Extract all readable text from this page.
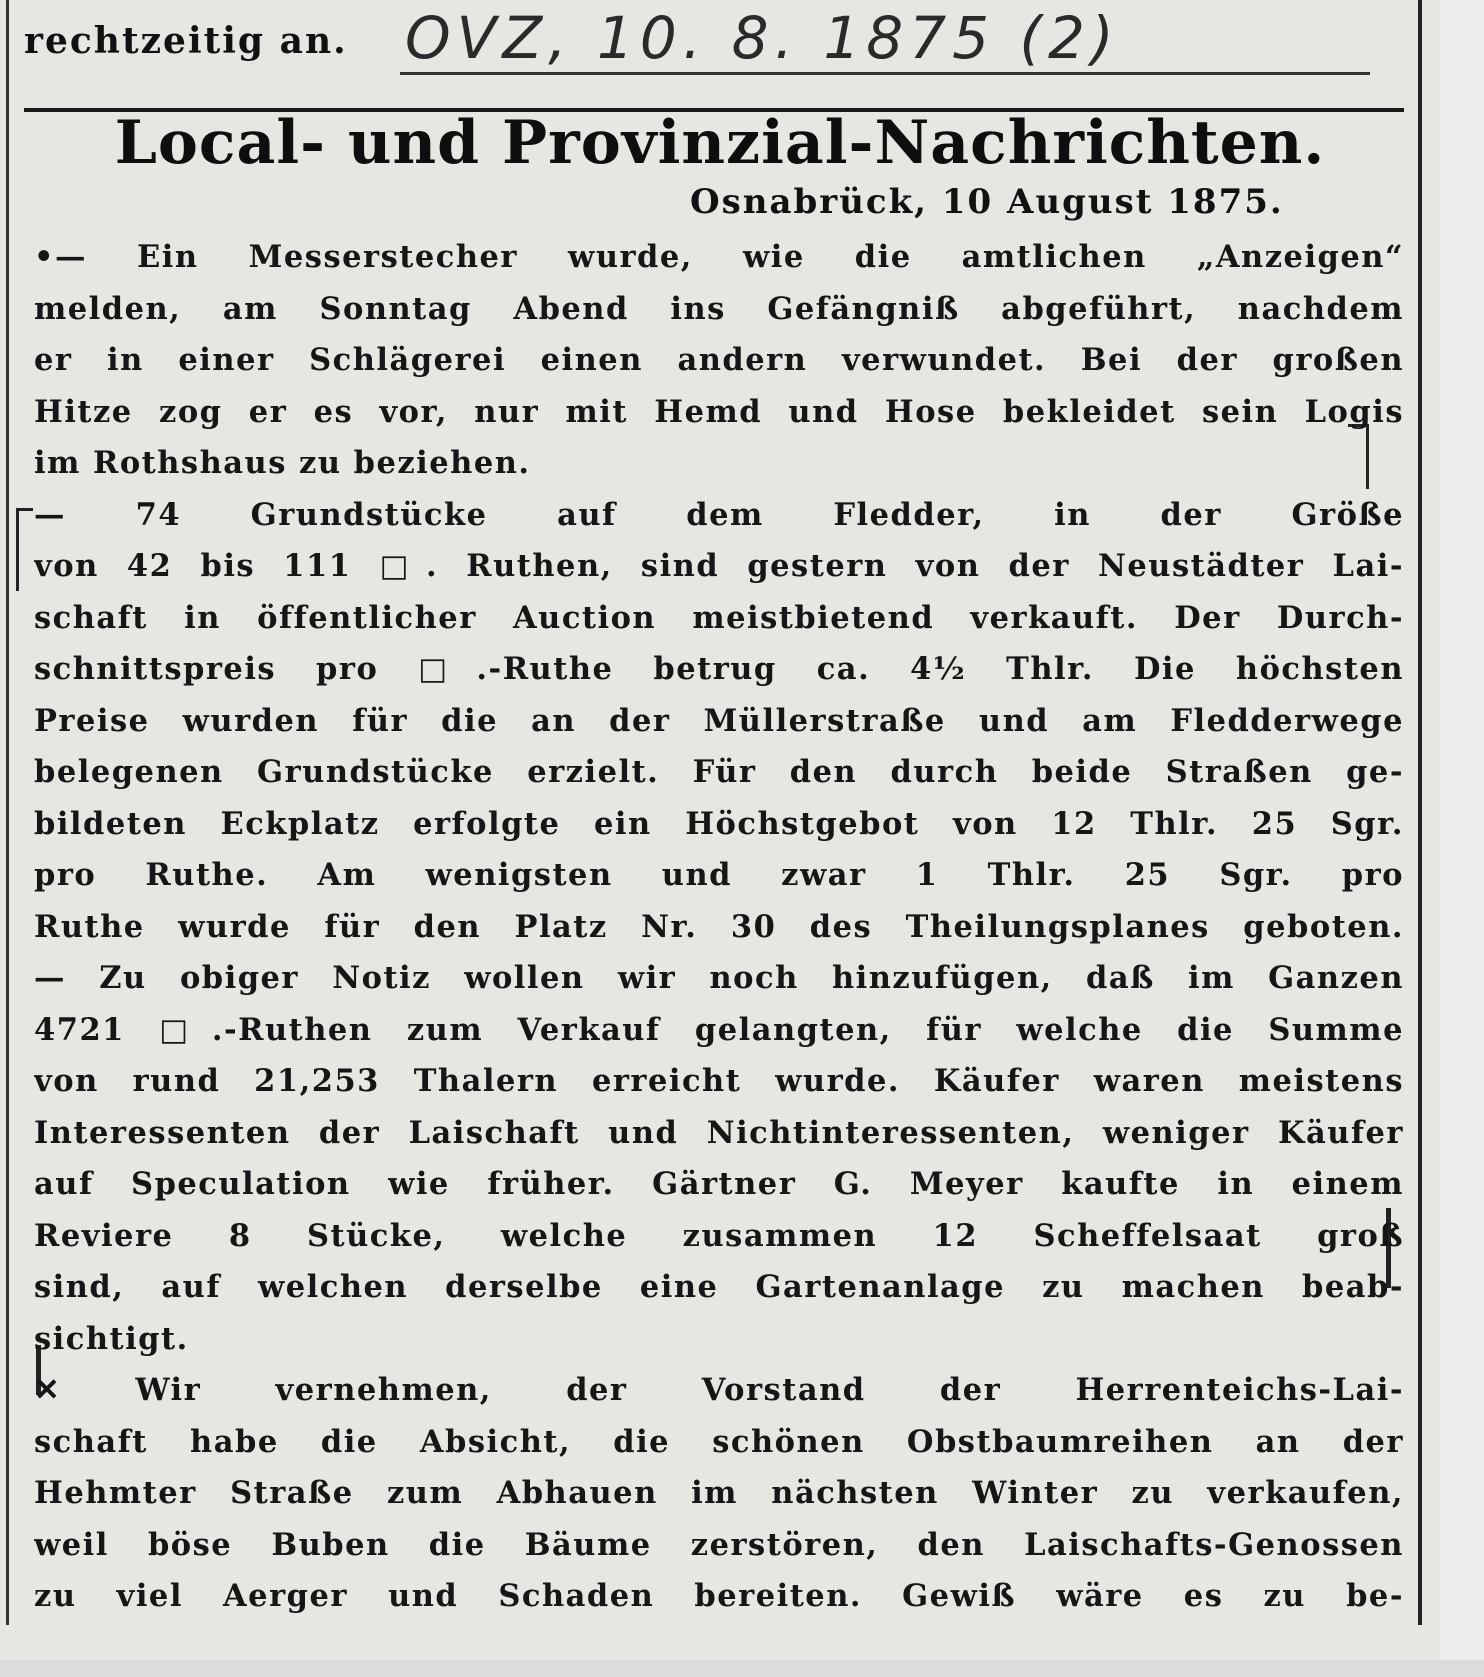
rechtzeitig an. OVZ, 10. 8. 1875 (2)
Local- und Provinzial-Nachrichten.
Osnabrück, 10 August 1875.
•— Ein Messerstecher wurde, wie die amtlichen „Anzeigen“
melden, am Sonntag Abend ins Gefängniß abgeführt, nachdem
er in einer Schlägerei einen andern verwundet. Bei der großen
Hitze zog er es vor, nur mit Hemd und Hose bekleidet sein Logis
im Rothshaus zu beziehen.
— 74 Grundstücke auf dem Fledder, in der Größe
von 42 bis 111 □. Ruthen, sind gestern von der Neustädter Lai-
schaft in öffentlicher Auction meistbietend verkauft. Der Durch-
schnittspreis pro □.-Ruthe betrug ca. 4½ Thlr. Die höchsten
Preise wurden für die an der Müllerstraße und am Fledderwege
belegenen Grundstücke erzielt. Für den durch beide Straßen ge-
bildeten Eckplatz erfolgte ein Höchstgebot von 12 Thlr. 25 Sgr.
pro Ruthe. Am wenigsten und zwar 1 Thlr. 25 Sgr. pro
Ruthe wurde für den Platz Nr. 30 des Theilungsplanes geboten.
— Zu obiger Notiz wollen wir noch hinzufügen, daß im Ganzen
4721 □.-Ruthen zum Verkauf gelangten, für welche die Summe
von rund 21,253 Thalern erreicht wurde. Käufer waren meistens
Interessenten der Laischaft und Nichtinteressenten, weniger Käufer
auf Speculation wie früher. Gärtner G. Meyer kaufte in einem
Reviere 8 Stücke, welche zusammen 12 Scheffelsaat groß
sind, auf welchen derselbe eine Gartenanlage zu machen beab-
sichtigt.
✕ Wir vernehmen, der Vorstand der Herrenteichs-Lai-
schaft habe die Absicht, die schönen Obstbaumreihen an der
Hehmter Straße zum Abhauen im nächsten Winter zu verkaufen,
weil böse Buben die Bäume zerstören, den Laischafts-Genossen
zu viel Aerger und Schaden bereiten. Gewiß wäre es zu be-
